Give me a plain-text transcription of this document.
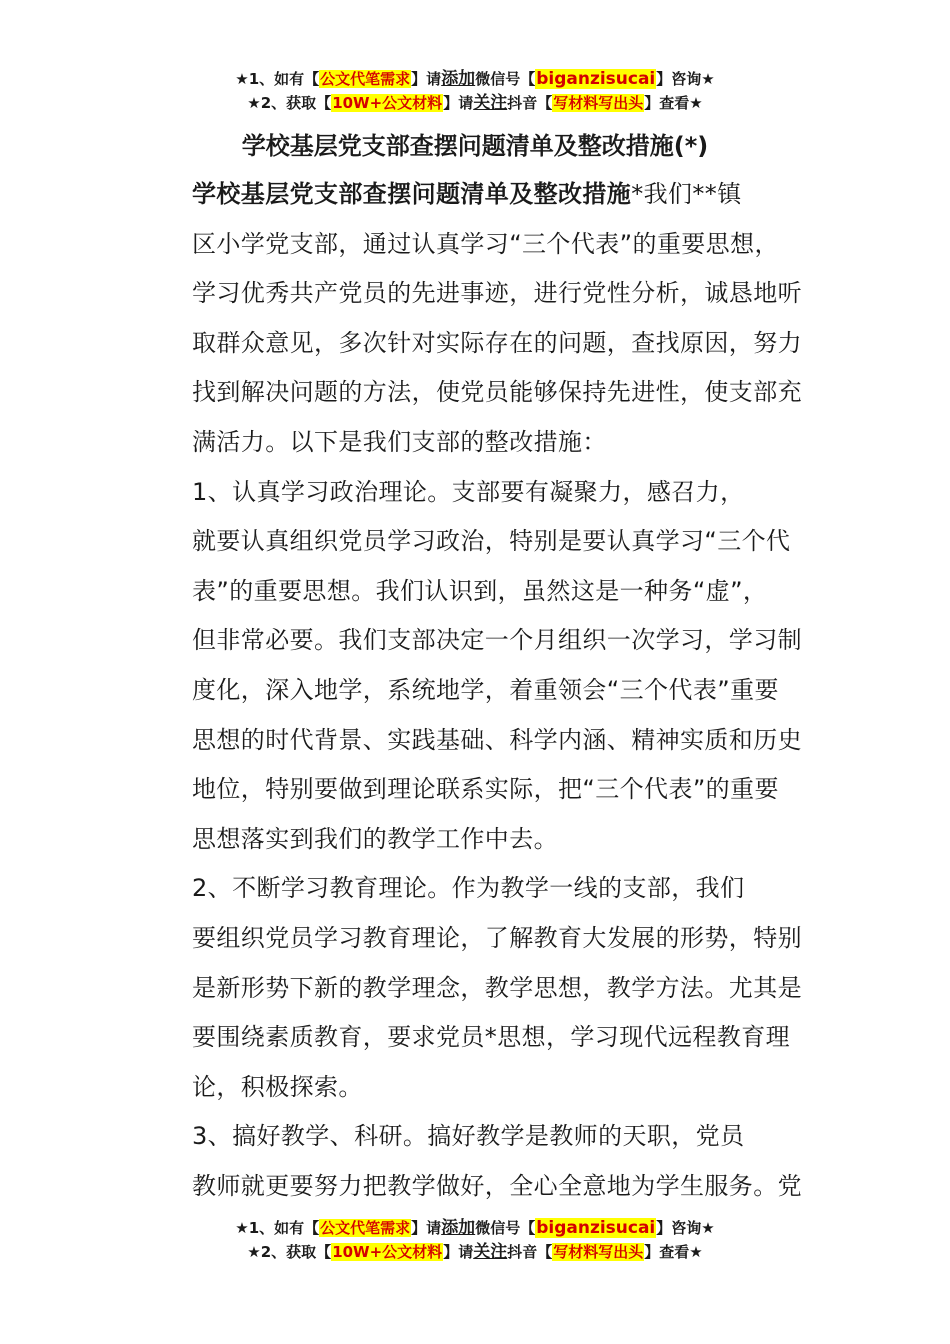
★1、如有【公文代笔需求】请添加微信号【biganzisucai】咨询★
★2、获取【10W+公文材料】请关注抖音【写材料写出头】查看★
学校基层党支部查摆问题清单及整改措施(*)

学校基层党支部查摆问题清单及整改措施*我们**镇
区小学党支部，通过认真学习“三个代表”的重要思想，
学习优秀共产党员的先进事迹，进行党性分析，诚恳地听
取群众意见，多次针对实际存在的问题，查找原因，努力
找到解决问题的方法，使党员能够保持先进性，使支部充
满活力。以下是我们支部的整改措施：

1、认真学习政治理论。支部要有凝聚力，感召力，
就要认真组织党员学习政治，特别是要认真学习“三个代
表”的重要思想。我们认识到，虽然这是一种务“虚”，
但非常必要。我们支部决定一个月组织一次学习，学习制
度化，深入地学，系统地学，着重领会“三个代表”重要
思想的时代背景、实践基础、科学内涵、精神实质和历史
地位，特别要做到理论联系实际，把“三个代表”的重要
思想落实到我们的教学工作中去。

2、不断学习教育理论。作为教学一线的支部，我们
要组织党员学习教育理论，了解教育大发展的形势，特别
是新形势下新的教学理念，教学思想，教学方法。尤其是
要围绕素质教育，要求党员*思想，学习现代远程教育理
论，积极探索。

3、搞好教学、科研。搞好教学是教师的天职，党员
教师就更要努力把教学做好，全心全意地为学生服务。党

★1、如有【公文代笔需求】请添加微信号【biganzisucai】咨询★
★2、获取【10W+公文材料】请关注抖音【写材料写出头】查看★
